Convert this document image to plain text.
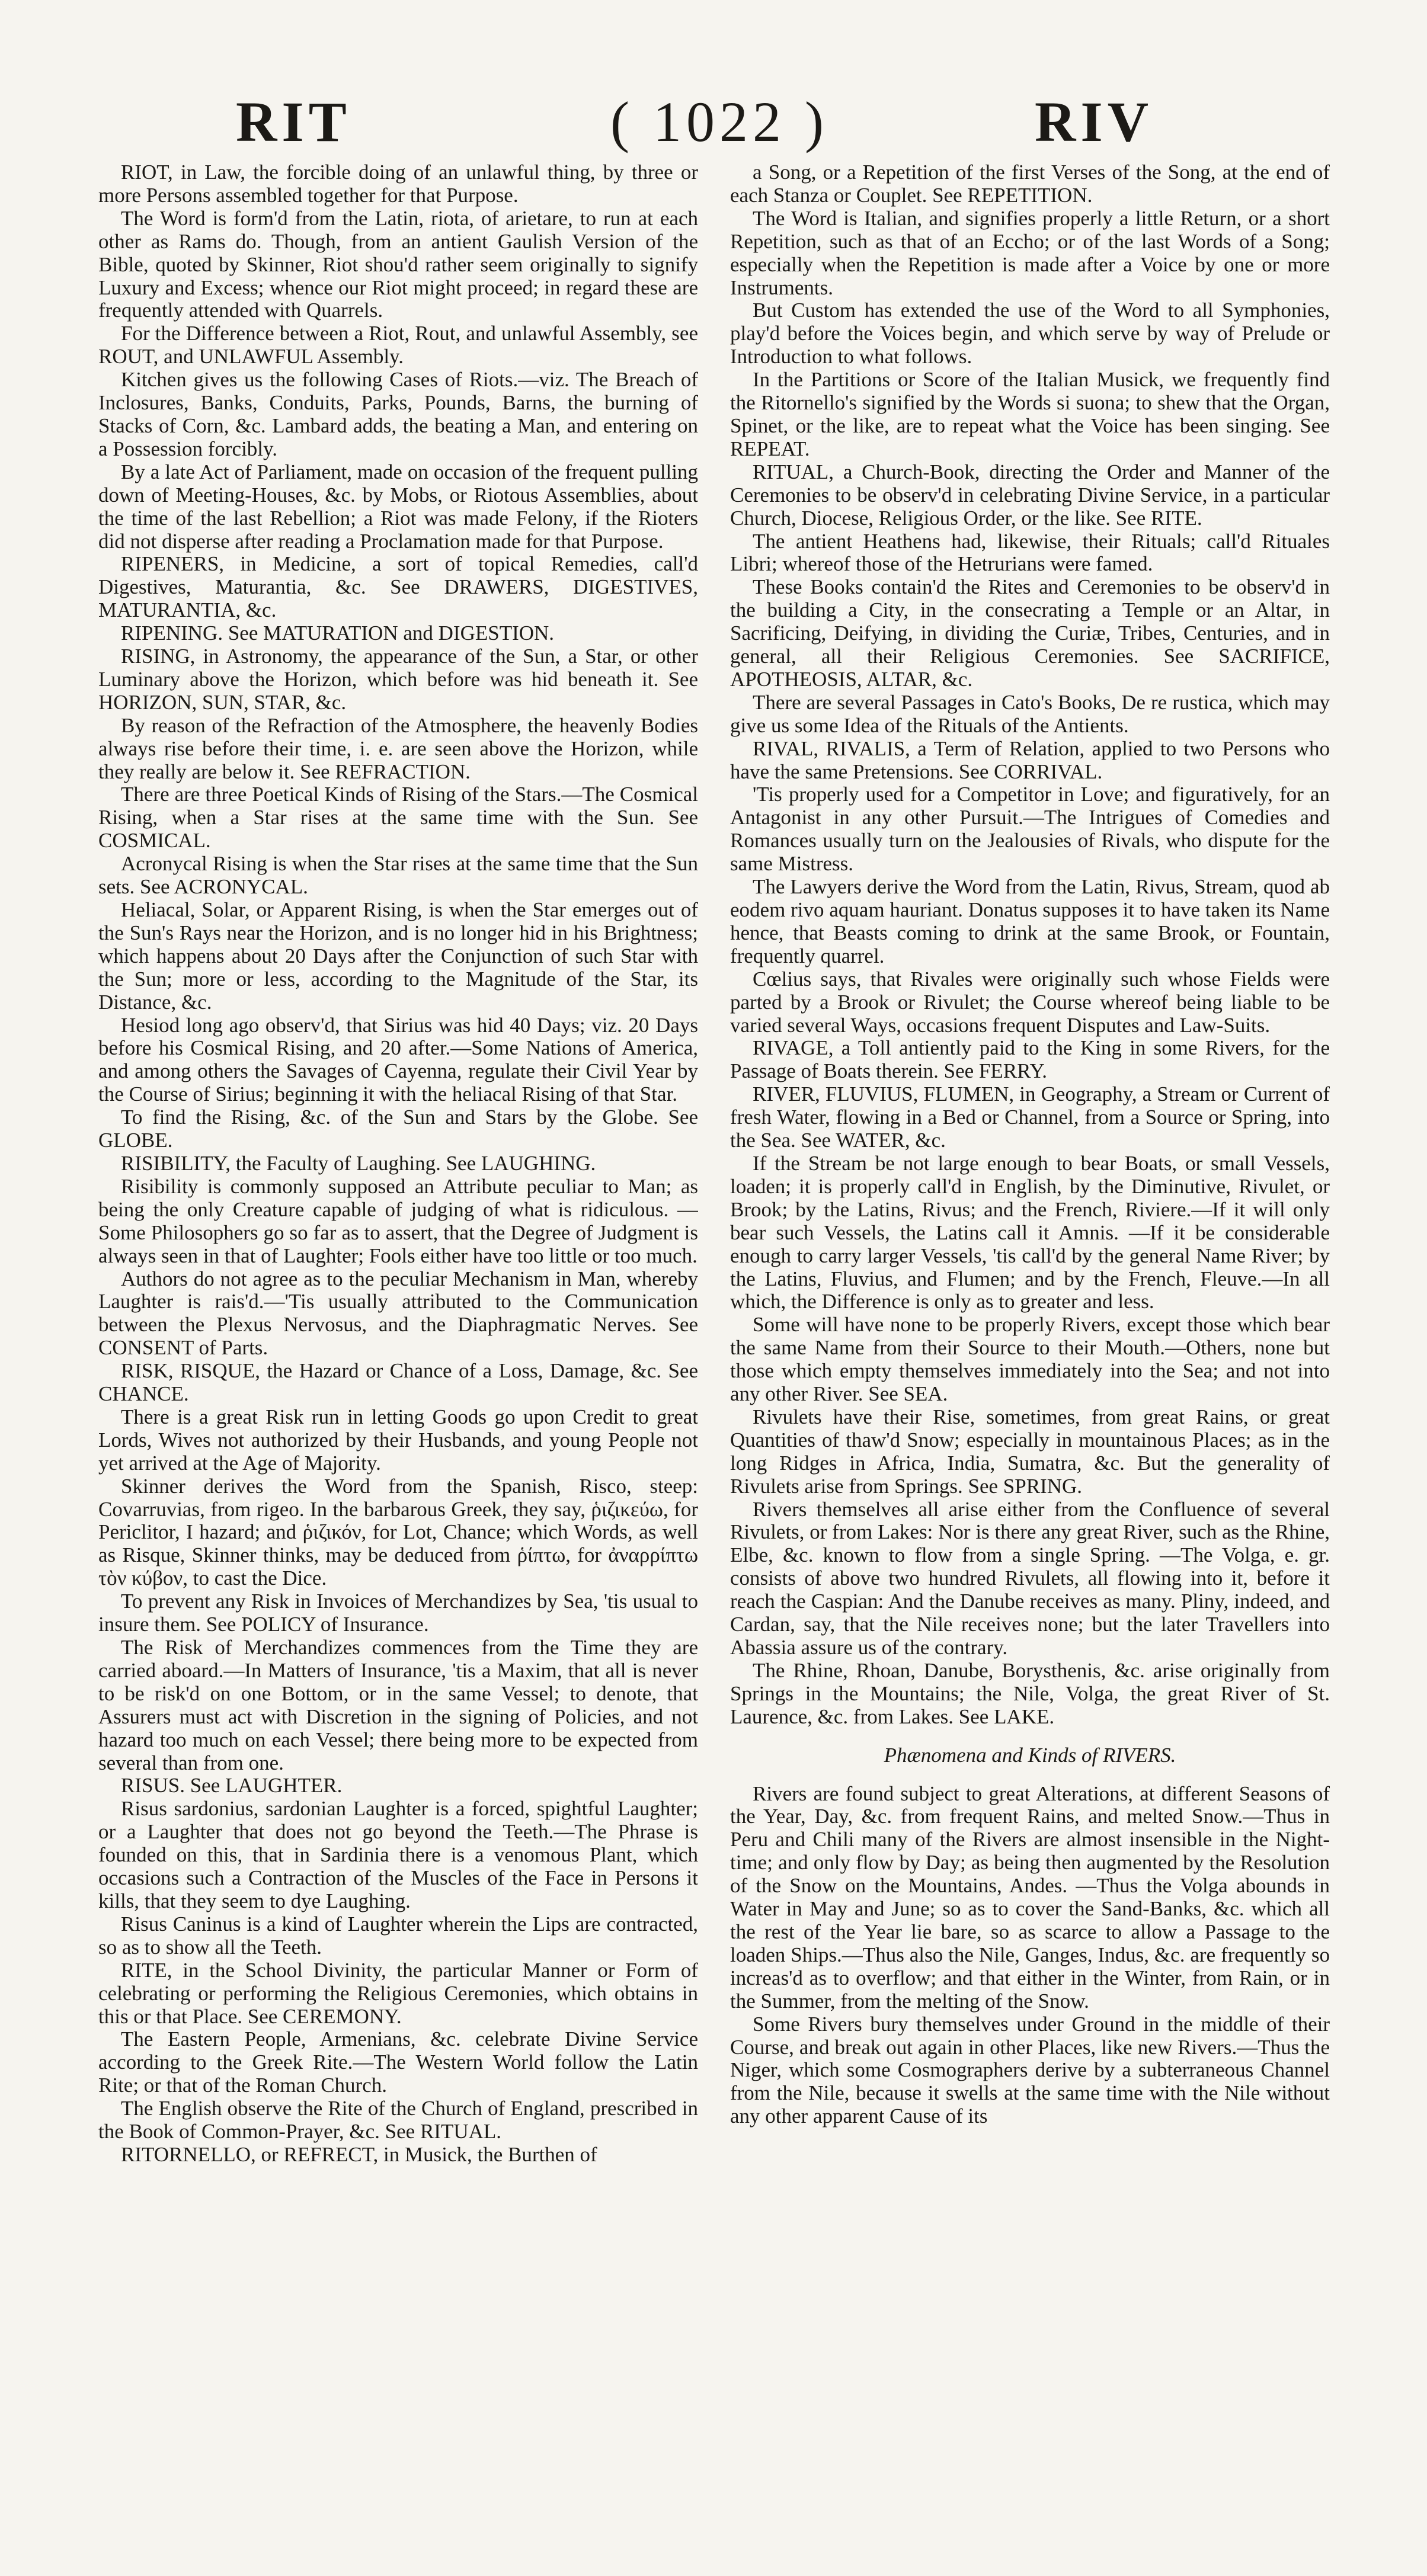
RIT	( 1022 )	RIV

RIOT, in Law, the forcible doing of an unlawful thing, by three or more Persons assembled together for that Purpose.

The Word is form'd from the Latin, riota, of arietare, to run at each other as Rams do. Though, from an antient Gaulish Version of the Bible, quoted by Skinner, Riot shou'd rather seem originally to signify Luxury and Excess; whence our Riot might proceed; in regard these are frequently attended with Quarrels.

For the Difference between a Riot, Rout, and unlawful Assembly, see ROUT, and UNLAWFUL Assembly.

Kitchen gives us the following Cases of Riots.—viz. The Breach of Inclosures, Banks, Conduits, Parks, Pounds, Barns, the burning of Stacks of Corn, &c. Lambard adds, the beating a Man, and entering on a Possession forcibly.

By a late Act of Parliament, made on occasion of the frequent pulling down of Meeting-Houses, &c. by Mobs, or Riotous Assemblies, about the time of the last Rebellion; a Riot was made Felony, if the Rioters did not disperse after reading a Proclamation made for that Purpose.

RIPENERS, in Medicine, a sort of topical Remedies, call'd Digestives, Maturantia, &c. See DRAWERS, DIGESTIVES, MATURANTIA, &c.

RIPENING. See MATURATION and DIGESTION.

RISING, in Astronomy, the appearance of the Sun, a Star, or other Luminary above the Horizon, which before was hid beneath it. See HORIZON, SUN, STAR, &c.

By reason of the Refraction of the Atmosphere, the heavenly Bodies always rise before their time, i. e. are seen above the Horizon, while they really are below it. See REFRACTION.

There are three Poetical Kinds of Rising of the Stars.—The Cosmical Rising, when a Star rises at the same time with the Sun. See COSMICAL.

Acronycal Rising is when the Star rises at the same time that the Sun sets. See ACRONYCAL.

Heliacal, Solar, or Apparent Rising, is when the Star emerges out of the Sun's Rays near the Horizon, and is no longer hid in his Brightness; which happens about 20 Days after the Conjunction of such Star with the Sun; more or less, according to the Magnitude of the Star, its Distance, &c.

Hesiod long ago observ'd, that Sirius was hid 40 Days; viz. 20 Days before his Cosmical Rising, and 20 after.—Some Nations of America, and among others the Savages of Cayenna, regulate their Civil Year by the Course of Sirius; beginning it with the heliacal Rising of that Star.

To find the Rising, &c. of the Sun and Stars by the Globe. See GLOBE.

RISIBILITY, the Faculty of Laughing. See LAUGHING.

Risibility is commonly supposed an Attribute peculiar to Man; as being the only Creature capable of judging of what is ridiculous. —Some Philosophers go so far as to assert, that the Degree of Judgment is always seen in that of Laughter; Fools either have too little or too much.

Authors do not agree as to the peculiar Mechanism in Man, whereby Laughter is rais'd.—'Tis usually attributed to the Communication between the Plexus Nervosus, and the Diaphragmatic Nerves. See CONSENT of Parts.

RISK, RISQUE, the Hazard or Chance of a Loss, Damage, &c. See CHANCE.

There is a great Risk run in letting Goods go upon Credit to great Lords, Wives not authorized by their Husbands, and young People not yet arrived at the Age of Majority.

Skinner derives the Word from the Spanish, Risco, steep: Covarruvias, from rigeo. In the barbarous Greek, they say, ῥιζικεύω, for Periclitor, I hazard; and ῥιζικόν, for Lot, Chance; which Words, as well as Risque, Skinner thinks, may be deduced from ῥίπτω, for ἀναρρίπτω τὸν κύβον, to cast the Dice.

To prevent any Risk in Invoices of Merchandizes by Sea, 'tis usual to insure them. See POLICY of Insurance.

The Risk of Merchandizes commences from the Time they are carried aboard.—In Matters of Insurance, 'tis a Maxim, that all is never to be risk'd on one Bottom, or in the same Vessel; to denote, that Assurers must act with Discretion in the signing of Policies, and not hazard too much on each Vessel; there being more to be expected from several than from one.

RISUS. See LAUGHTER.

Risus sardonius, sardonian Laughter is a forced, spightful Laughter; or a Laughter that does not go beyond the Teeth.—The Phrase is founded on this, that in Sardinia there is a venomous Plant, which occasions such a Contraction of the Muscles of the Face in Persons it kills, that they seem to dye Laughing.

Risus Caninus is a kind of Laughter wherein the Lips are contracted, so as to show all the Teeth.

RITE, in the School Divinity, the particular Manner or Form of celebrating or performing the Religious Ceremonies, which obtains in this or that Place. See CEREMONY.

The Eastern People, Armenians, &c. celebrate Divine Service according to the Greek Rite.—The Western World follow the Latin Rite; or that of the Roman Church.

The English observe the Rite of the Church of England, prescribed in the Book of Common-Prayer, &c. See RITUAL.

RITORNELLO, or REFRECT, in Musick, the Burthen of

a Song, or a Repetition of the first Verses of the Song, at the end of each Stanza or Couplet. See REPETITION.

The Word is Italian, and signifies properly a little Return, or a short Repetition, such as that of an Eccho; or of the last Words of a Song; especially when the Repetition is made after a Voice by one or more Instruments.

But Custom has extended the use of the Word to all Symphonies, play'd before the Voices begin, and which serve by way of Prelude or Introduction to what follows.

In the Partitions or Score of the Italian Musick, we frequently find the Ritornello's signified by the Words si suona; to shew that the Organ, Spinet, or the like, are to repeat what the Voice has been singing. See REPEAT.

RITUAL, a Church-Book, directing the Order and Manner of the Ceremonies to be observ'd in celebrating Divine Service, in a particular Church, Diocese, Religious Order, or the like. See RITE.

The antient Heathens had, likewise, their Rituals; call'd Rituales Libri; whereof those of the Hetrurians were famed.

These Books contain'd the Rites and Ceremonies to be observ'd in the building a City, in the consecrating a Temple or an Altar, in Sacrificing, Deifying, in dividing the Curiæ, Tribes, Centuries, and in general, all their Religious Ceremonies. See SACRIFICE, APOTHEOSIS, ALTAR, &c.

There are several Passages in Cato's Books, De re rustica, which may give us some Idea of the Rituals of the Antients.

RIVAL, RIVALIS, a Term of Relation, applied to two Persons who have the same Pretensions. See CORRIVAL.

'Tis properly used for a Competitor in Love; and figuratively, for an Antagonist in any other Pursuit.—The Intrigues of Comedies and Romances usually turn on the Jealousies of Rivals, who dispute for the same Mistress.

The Lawyers derive the Word from the Latin, Rivus, Stream, quod ab eodem rivo aquam hauriant. Donatus supposes it to have taken its Name hence, that Beasts coming to drink at the same Brook, or Fountain, frequently quarrel.

Cœlius says, that Rivales were originally such whose Fields were parted by a Brook or Rivulet; the Course whereof being liable to be varied several Ways, occasions frequent Disputes and Law-Suits.

RIVAGE, a Toll antiently paid to the King in some Rivers, for the Passage of Boats therein. See FERRY.

RIVER, FLUVIUS, FLUMEN, in Geography, a Stream or Current of fresh Water, flowing in a Bed or Channel, from a Source or Spring, into the Sea. See WATER, &c.

If the Stream be not large enough to bear Boats, or small Vessels, loaden; it is properly call'd in English, by the Diminutive, Rivulet, or Brook; by the Latins, Rivus; and the French, Riviere.—If it will only bear such Vessels, the Latins call it Amnis. —If it be considerable enough to carry larger Vessels, 'tis call'd by the general Name River; by the Latins, Fluvius, and Flumen; and by the French, Fleuve.—In all which, the Difference is only as to greater and less.

Some will have none to be properly Rivers, except those which bear the same Name from their Source to their Mouth.—Others, none but those which empty themselves immediately into the Sea; and not into any other River. See SEA.

Rivulets have their Rise, sometimes, from great Rains, or great Quantities of thaw'd Snow; especially in mountainous Places; as in the long Ridges in Africa, India, Sumatra, &c. But the generality of Rivulets arise from Springs. See SPRING.

Rivers themselves all arise either from the Confluence of several Rivulets, or from Lakes: Nor is there any great River, such as the Rhine, Elbe, &c. known to flow from a single Spring. —The Volga, e. gr. consists of above two hundred Rivulets, all flowing into it, before it reach the Caspian: And the Danube receives as many. Pliny, indeed, and Cardan, say, that the Nile receives none; but the later Travellers into Abassia assure us of the contrary.

The Rhine, Rhoan, Danube, Borysthenis, &c. arise originally from Springs in the Mountains; the Nile, Volga, the great River of St. Laurence, &c. from Lakes. See LAKE.

Phænomena and Kinds of RIVERS.

Rivers are found subject to great Alterations, at different Seasons of the Year, Day, &c. from frequent Rains, and melted Snow.—Thus in Peru and Chili many of the Rivers are almost insensible in the Night-time; and only flow by Day; as being then augmented by the Resolution of the Snow on the Mountains, Andes. —Thus the Volga abounds in Water in May and June; so as to cover the Sand-Banks, &c. which all the rest of the Year lie bare, so as scarce to allow a Passage to the loaden Ships.—Thus also the Nile, Ganges, Indus, &c. are frequently so increas'd as to overflow; and that either in the Winter, from Rain, or in the Summer, from the melting of the Snow.

Some Rivers bury themselves under Ground in the middle of their Course, and break out again in other Places, like new Rivers.—Thus the Niger, which some Cosmographers derive by a subterraneous Channel from the Nile, because it swells at the same time with the Nile without any other apparent Cause of its
